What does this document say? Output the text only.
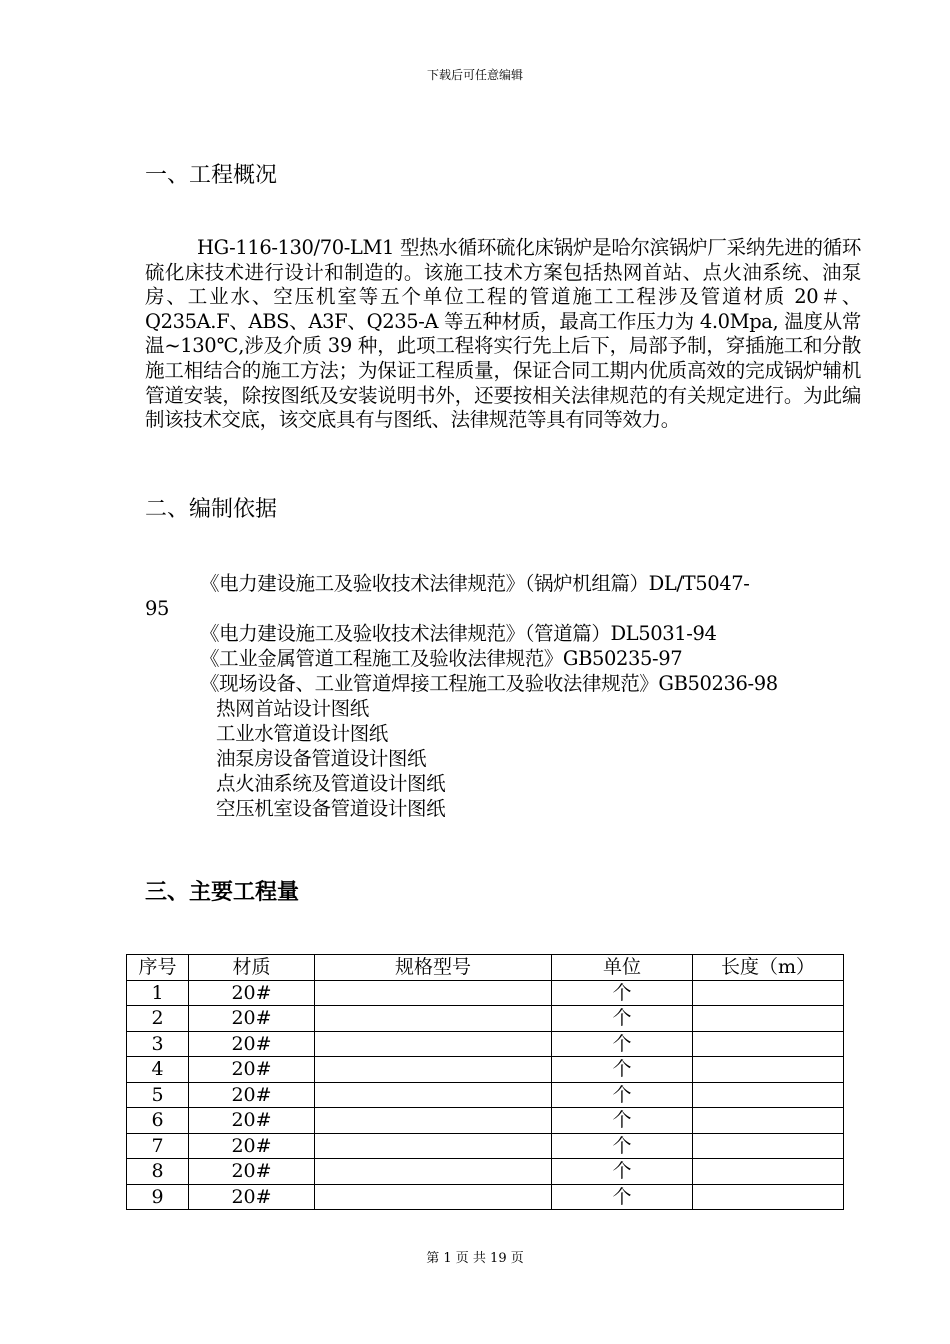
下载后可任意编辑
一、工程概况
HG-116-130/70-LM1 型热水循环硫化床锅炉是哈尔滨锅炉厂采纳先进的循环硫化床技术进行设计和制造的。该施工技术方案包括热网首站、点火油系统、油泵房、工业水、空压机室等五个单位工程的管道施工工程涉及管道材质 20＃、Q235A.F、ABS、A3F、Q235-A 等五种材质，最高工作压力为 4.0Mpa, 温度从常温~130℃,涉及介质 39 种，此项工程将实行先上后下，局部予制，穿插施工和分散施工相结合的施工方法；为保证工程质量，保证合同工期内优质高效的完成锅炉辅机管道安装，除按图纸及安装说明书外，还要按相关法律规范的有关规定进行。为此编制该技术交底，该交底具有与图纸、法律规范等具有同等效力。
二、编制依据
《电力建设施工及验收技术法律规范》（锅炉机组篇）DL/T5047-
95
《电力建设施工及验收技术法律规范》（管道篇）DL5031-94
《工业金属管道工程施工及验收法律规范》GB50235-97
《现场设备、工业管道焊接工程施工及验收法律规范》GB50236-98
热网首站设计图纸
工业水管道设计图纸
油泵房设备管道设计图纸
点火油系统及管道设计图纸
空压机室设备管道设计图纸
三、主要工程量
序号	材质	规格型号	单位	长度（m）
1	20#		个	
2	20#		个	
3	20#		个	
4	20#		个	
5	20#		个	
6	20#		个	
7	20#		个	
8	20#		个	
9	20#		个	
第 1 页 共 19 页
